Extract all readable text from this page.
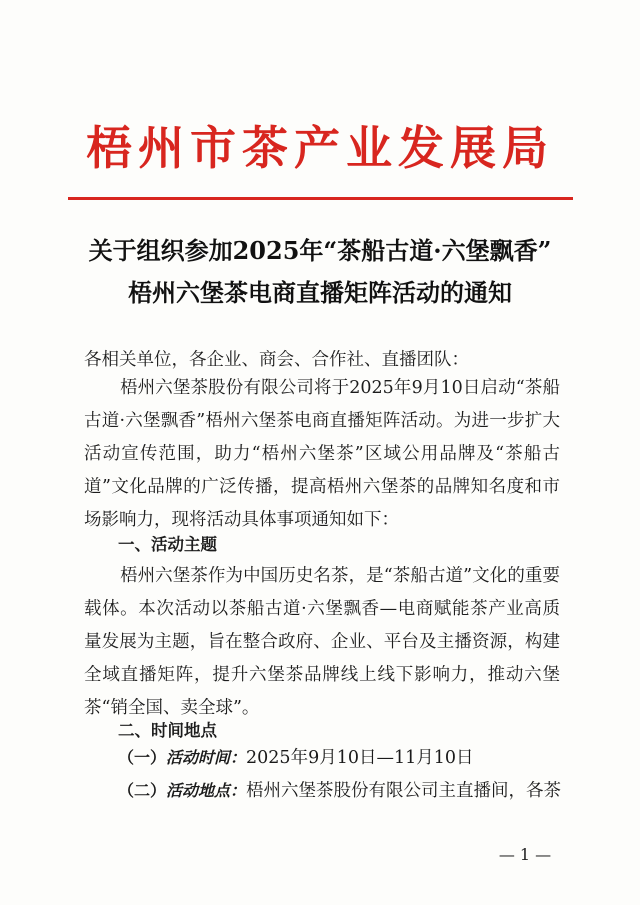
梧州市茶产业发展局
关于组织参加2025年“茶船古道·六堡飘香”
梧州六堡茶电商直播矩阵活动的通知
各相关单位，各企业、商会、合作社、直播团队：
梧州六堡茶股份有限公司将于2025年9月10日启动“茶船古道·六堡飘香”梧州六堡茶电商直播矩阵活动。为进一步扩大活动宣传范围，助力“梧州六堡茶”区域公用品牌及“茶船古道”文化品牌的广泛传播，提高梧州六堡茶的品牌知名度和市场影响力，现将活动具体事项通知如下：
一、活动主题
梧州六堡茶作为中国历史名茶，是“茶船古道”文化的重要载体。本次活动以茶船古道·六堡飘香—电商赋能茶产业高质量发展为主题，旨在整合政府、企业、平台及主播资源，构建全域直播矩阵，提升六堡茶品牌线上线下影响力，推动六堡茶“销全国、卖全球”。
二、时间地点
（一）活动时间：2025年9月10日—11月10日
（二）活动地点：梧州六堡茶股份有限公司主直播间，各茶
— 1 —
